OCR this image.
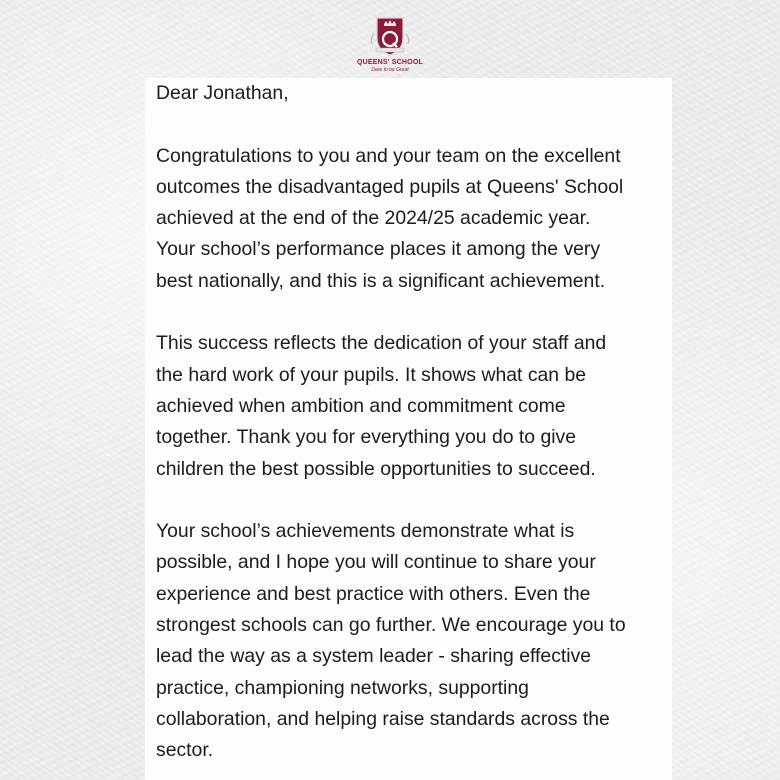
QUEENS' SCHOOL
Dare to be Great

Dear Jonathan,

Congratulations to you and your team on the excellent

outcomes the disadvantaged pupils at Queens' School

achieved at the end of the 2024/25 academic year.

Your school’s performance places it among the very

best nationally, and this is a significant achievement.

This success reflects the dedication of your staff and

the hard work of your pupils. It shows what can be

achieved when ambition and commitment come

together. Thank you for everything you do to give

children the best possible opportunities to succeed.

Your school’s achievements demonstrate what is

possible, and I hope you will continue to share your

experience and best practice with others. Even the

strongest schools can go further. We encourage you to

lead the way as a system leader - sharing effective

practice, championing networks, supporting

collaboration, and helping raise standards across the

sector.
